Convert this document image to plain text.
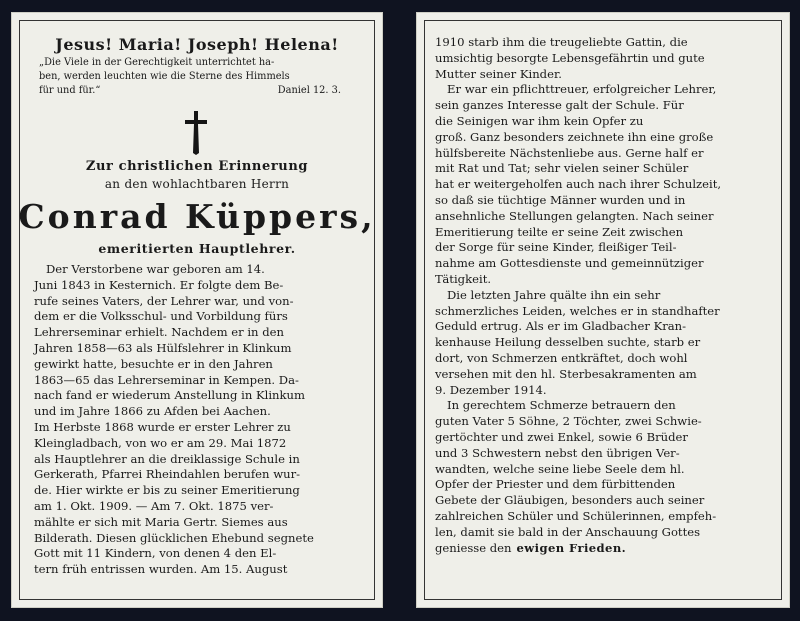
Jesus! Maria! Joseph! Helena!
„Die Viele in der Gerechtigkeit unterrichtet ha-
ben, werden leuchten wie die Sterne des Himmels
für und für.“	Daniel 12. 3.
Zur christlichen Erinnerung
an den wohlachtbaren Herrn
Conrad Küppers,
emeritierten Hauptlehrer.
Der Verstorbene war geboren am 14.
Juni 1843 in Kesternich. Er folgte dem Be-
rufe seines Vaters, der Lehrer war, und von-
dem er die Volksschul- und Vorbildung fürs
Lehrerseminar erhielt. Nachdem er in den
Jahren 1858—63 als Hülfslehrer in Klinkum
gewirkt hatte, besuchte er in den Jahren
1863—65 das Lehrerseminar in Kempen. Da-
nach fand er wiederum Anstellung in Klinkum
und im Jahre 1866 zu Afden bei Aachen.
Im Herbste 1868 wurde er erster Lehrer zu
Kleingladbach, von wo er am 29. Mai 1872
als Hauptlehrer an die dreiklassige Schule in
Gerkerath, Pfarrei Rheindahlen berufen wur-
de. Hier wirkte er bis zu seiner Emeritierung
am 1. Okt. 1909. — Am 7. Okt. 1875 ver-
mählte er sich mit Maria Gertr. Siemes aus
Bilderath. Diesen glücklichen Ehebund segnete
Gott mit 11 Kindern, von denen 4 den El-
tern früh entrissen wurden. Am 15. August
1910 starb ihm die treugeliebte Gattin, die
umsichtig besorgte Lebensgefährtin und gute
Mutter seiner Kinder.
Er war ein pflichttreuer, erfolgreicher Lehrer,
sein ganzes Interesse galt der Schule. Für
die Seinigen war ihm kein Opfer zu
groß. Ganz besonders zeichnete ihn eine große
hülfsbereite Nächstenliebe aus. Gerne half er
mit Rat und Tat; sehr vielen seiner Schüler
hat er weitergeholfen auch nach ihrer Schulzeit,
so daß sie tüchtige Männer wurden und in
ansehnliche Stellungen gelangten. Nach seiner
Emeritierung teilte er seine Zeit zwischen
der Sorge für seine Kinder, fleißiger Teil-
nahme am Gottesdienste und gemeinnütziger
Tätigkeit.
Die letzten Jahre quälte ihn ein sehr
schmerzliches Leiden, welches er in standhafter
Geduld ertrug. Als er im Gladbacher Kran-
kenhause Heilung desselben suchte, starb er
dort, von Schmerzen entkräftet, doch wohl
versehen mit den hl. Sterbesakramenten am
9. Dezember 1914.
In gerechtem Schmerze betrauern den
guten Vater 5 Söhne, 2 Töchter, zwei Schwie-
gertöchter und zwei Enkel, sowie 6 Brüder
und 3 Schwestern nebst den übrigen Ver-
wandten, welche seine liebe Seele dem hl.
Opfer der Priester und dem fürbittenden
Gebete der Gläubigen, besonders auch seiner
zahlreichen Schüler und Schülerinnen, empfeh-
len, damit sie bald in der Anschauung Gottes
geniesse den ewigen Frieden.
